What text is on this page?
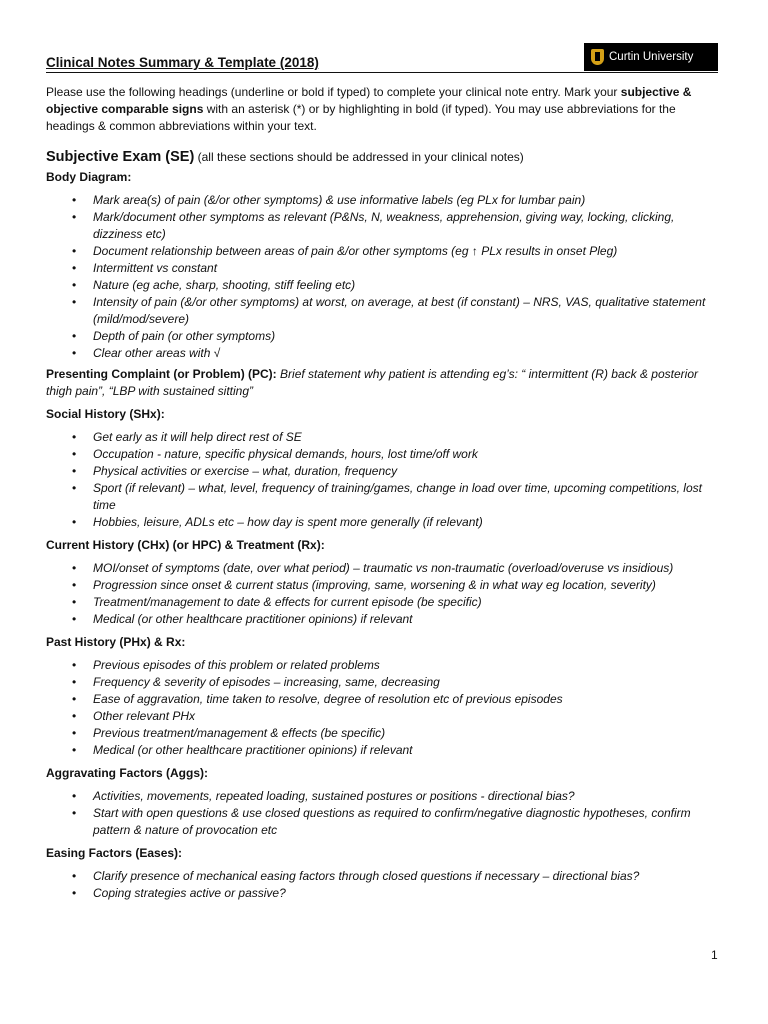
Clinical Notes Summary & Template (2018)	Curtin University

Please use the following headings (underline or bold if typed) to complete your clinical note entry. Mark your subjective & objective comparable signs with an asterisk (*) or by highlighting in bold (if typed). You may use abbreviations for the headings & common abbreviations within your text.

Subjective Exam (SE) (all these sections should be addressed in your clinical notes)
Body Diagram:
• Mark area(s) of pain (&/or other symptoms) & use informative labels (eg PLx for lumbar pain)
• Mark/document other symptoms as relevant (P&Ns, N, weakness, apprehension, giving way, locking, clicking, dizziness etc)
• Document relationship between areas of pain &/or other symptoms (eg ↑ PLx results in onset Pleg)
• Intermittent vs constant
• Nature (eg ache, sharp, shooting, stiff feeling etc)
• Intensity of pain (&/or other symptoms) at worst, on average, at best (if constant) – NRS, VAS, qualitative statement (mild/mod/severe)
• Depth of pain (or other symptoms)
• Clear other areas with √

Presenting Complaint (or Problem) (PC): Brief statement why patient is attending eg’s: “ intermittent (R) back & posterior thigh pain”, “LBP with sustained sitting”

Social History (SHx):
• Get early as it will help direct rest of SE
• Occupation - nature, specific physical demands, hours, lost time/off work
• Physical activities or exercise – what, duration, frequency
• Sport (if relevant) – what, level, frequency of training/games, change in load over time, upcoming competitions, lost time
• Hobbies, leisure, ADLs etc – how day is spent more generally (if relevant)
Current History (CHx) (or HPC) & Treatment (Rx):
• MOI/onset of symptoms (date, over what period) – traumatic vs non-traumatic (overload/overuse vs insidious)
• Progression since onset & current status (improving, same, worsening & in what way eg location, severity)
• Treatment/management to date & effects for current episode (be specific)
• Medical (or other healthcare practitioner opinions) if relevant
Past History (PHx) & Rx:
• Previous episodes of this problem or related problems
• Frequency & severity of episodes – increasing, same, decreasing
• Ease of aggravation, time taken to resolve, degree of resolution etc of previous episodes
• Other relevant PHx
• Previous treatment/management & effects (be specific)
• Medical (or other healthcare practitioner opinions) if relevant
Aggravating Factors (Aggs):
• Activities, movements, repeated loading, sustained postures or positions - directional bias?
• Start with open questions & use closed questions as required to confirm/negative diagnostic hypotheses, confirm pattern & nature of provocation etc
Easing Factors (Eases):
• Clarify presence of mechanical easing factors through closed questions if necessary – directional bias?
• Coping strategies active or passive?
1
